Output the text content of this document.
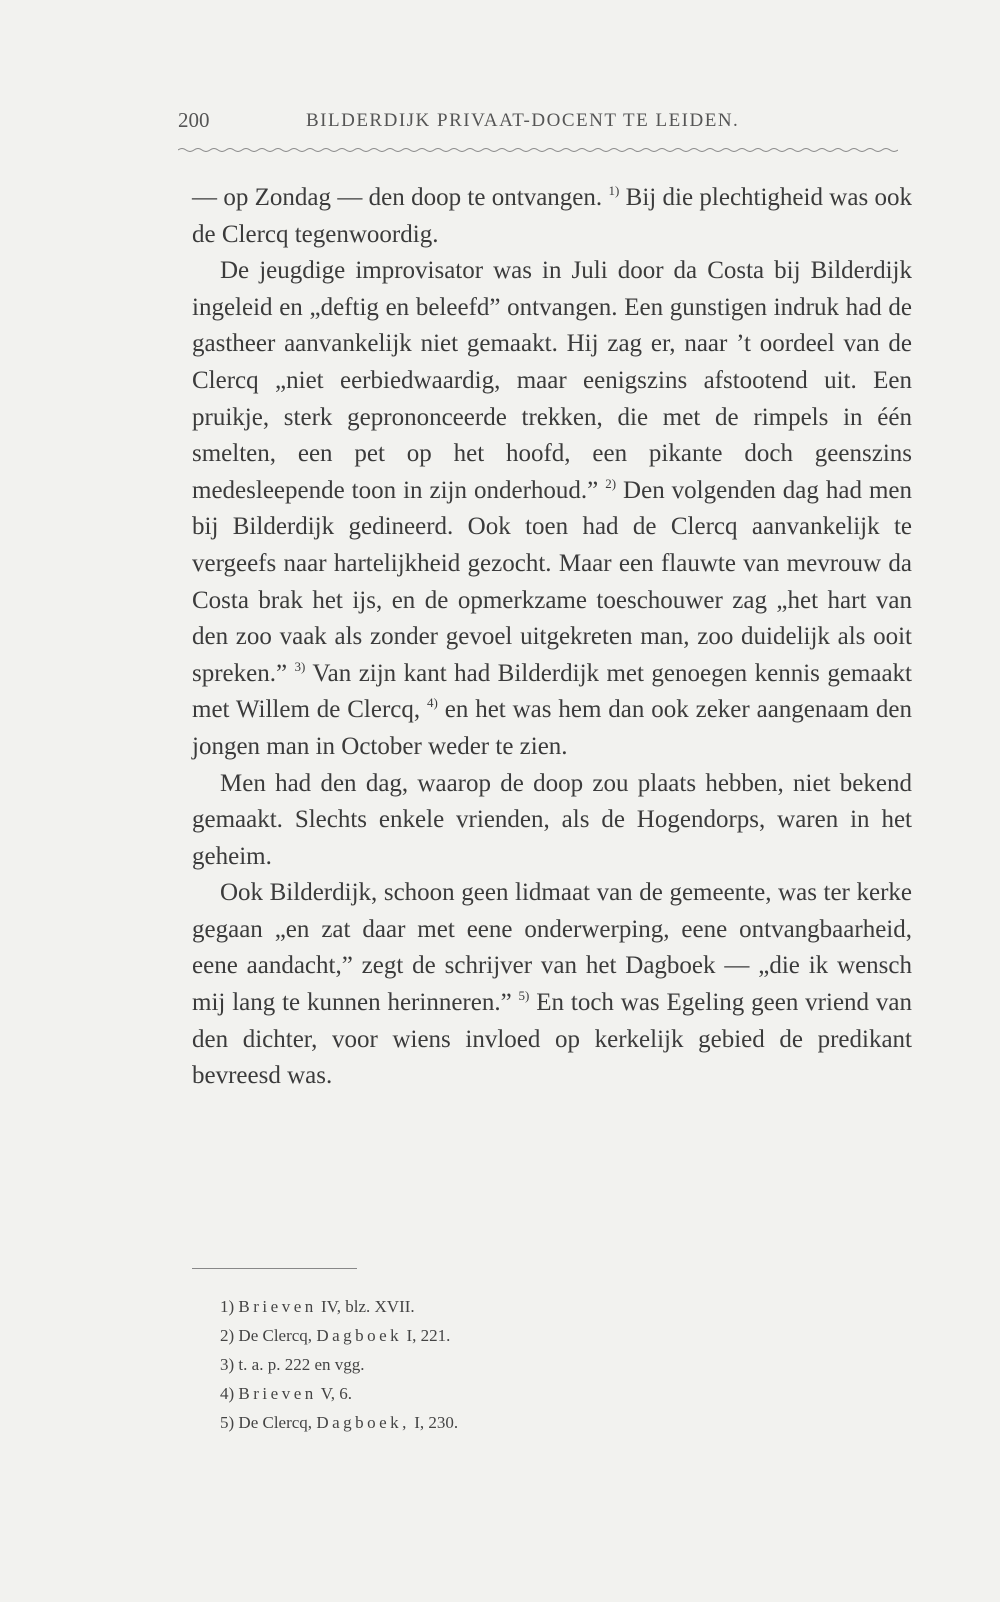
200	BILDERDIJK PRIVAAT-DOCENT TE LEIDEN.

— op Zondag — den doop te ontvangen. $^{1)}$ Bij die plechtigheid was ook de Clercq tegenwoordig.

De jeugdige improvisator was in Juli door da Costa bij Bilderdijk ingeleid en „deftig en beleefd” ontvangen. Een gunstigen indruk had de gastheer aanvankelijk niet gemaakt. Hij zag er, naar ’t oordeel van de Clercq „niet eerbiedwaardig, maar eenigszins afstootend uit. Een pruikje, sterk geprononceerde trekken, die met de rimpels in één smelten, een pet op het hoofd, een pikante doch geenszins medesleepende toon in zijn onderhoud.” $^{2)}$ Den volgenden dag had men bij Bilderdijk gedineerd. Ook toen had de Clercq aanvankelijk te vergeefs naar hartelijkheid gezocht. Maar een flauwte van mevrouw da Costa brak het ijs, en de opmerkzame toeschouwer zag „het hart van den zoo vaak als zonder gevoel uitgekreten man, zoo duidelijk als ooit spreken.” $^{3)}$ Van zijn kant had Bilderdijk met genoegen kennis gemaakt met Willem de Clercq, $^{4)}$ en het was hem dan ook zeker aangenaam den jongen man in October weder te zien.

Men had den dag, waarop de doop zou plaats hebben, niet bekend gemaakt. Slechts enkele vrienden, als de Hogendorps, waren in het geheim.

Ook Bilderdijk, schoon geen lidmaat van de gemeente, was ter kerke gegaan „en zat daar met eene onderwerping, eene ontvangbaarheid, eene aandacht,” zegt de schrijver van het Dagboek — „die ik wensch mij lang te kunnen herinneren.” $^{5)}$ En toch was Egeling geen vriend van den dichter, voor wiens invloed op kerkelijk gebied de predikant bevreesd was.

1) Brieven IV, blz. XVII.
2) De Clercq, Dagboek I, 221.
3) t. a. p. 222 en vgg.
4) Brieven V, 6.
5) De Clercq, Dagboek, I, 230.
